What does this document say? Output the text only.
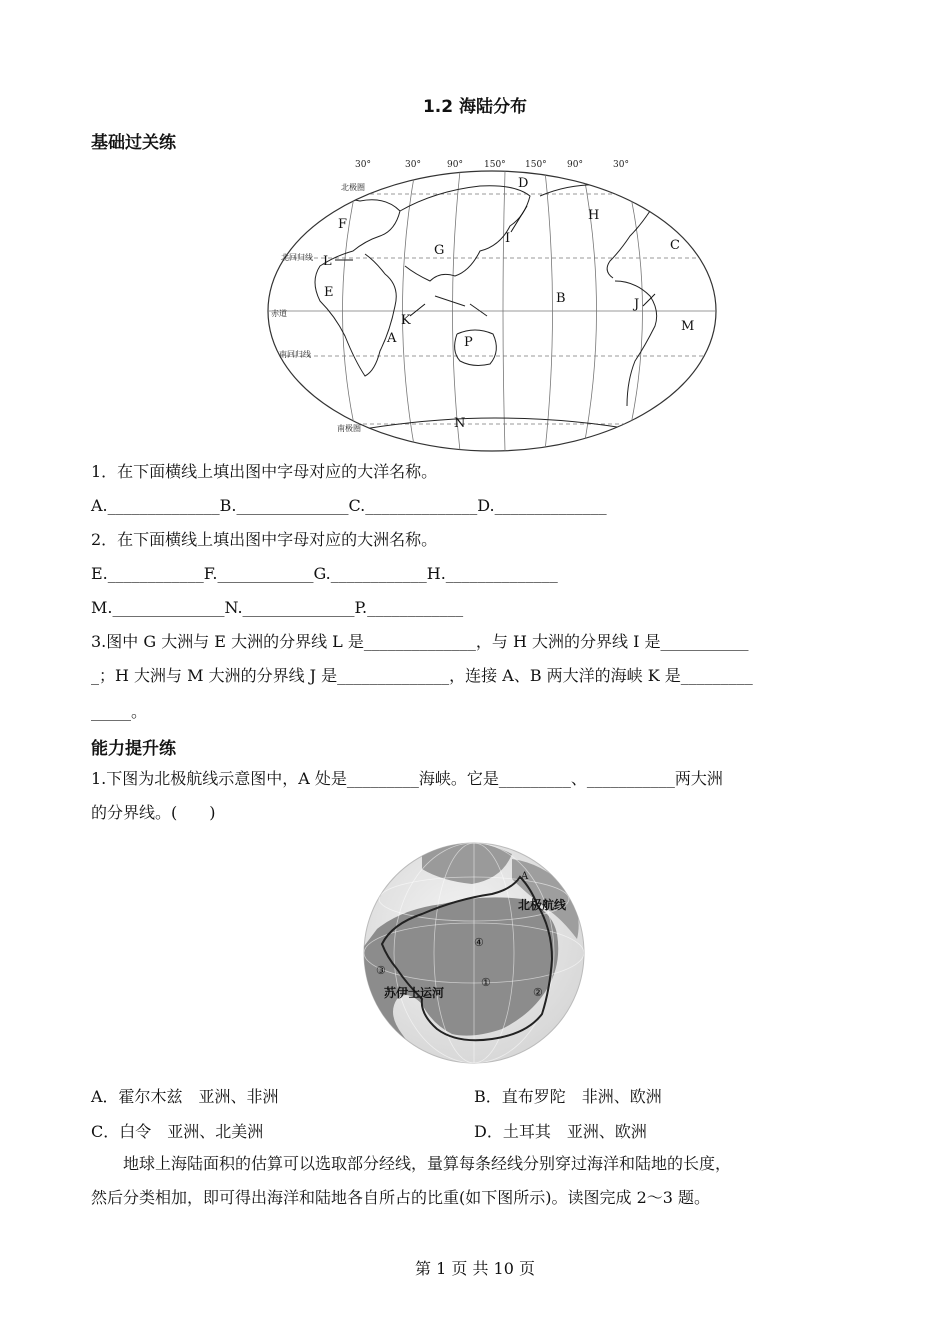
1.2 海陆分布
基础过关练
30°	30°	90° 150° 150° 90°	30°
北极圈
北回归线
赤道
南回归线
南极圈
A
B
C
D
E
F
G
H
I
J
K
L
M
N
P
1．在下面横线上填出图中字母对应的大洋名称。
A.______________B.______________C.______________D.______________
2．在下面横线上填出图中字母对应的大洲名称。
E.____________F.____________G.____________H.______________
M.______________N.______________P.____________
3.图中 G 大洲与 E 大洲的分界线 L 是______________，与 H 大洲的分界线 I 是___________
_；H 大洲与 M 大洲的分界线 J 是______________，连接 A、B 两大洋的海峡 K 是_________
_____。
能力提升练
1.下图为北极航线示意图中，A 处是_________海峡。它是_________、___________两大洲
的分界线。(　　)
A
北极航线
苏伊士运河
①
②
③
④
A．霍尔木兹　亚洲、非洲	B．直布罗陀　非洲、欧洲
C．白令　亚洲、北美洲	D．土耳其　亚洲、欧洲
地球上海陆面积的估算可以选取部分经线，量算每条经线分别穿过海洋和陆地的长度，
然后分类相加，即可得出海洋和陆地各自所占的比重(如下图所示)。读图完成 2～3 题。
第 1 页 共 10 页
